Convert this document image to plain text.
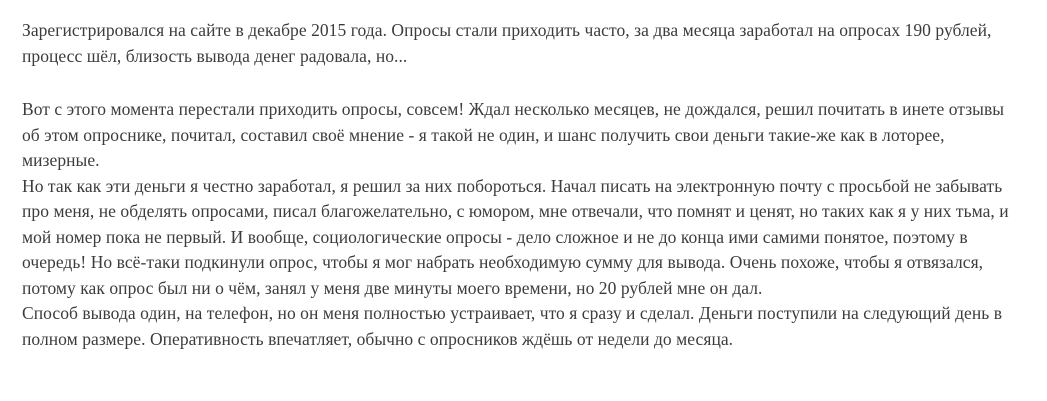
Зарегистрировался на сайте в декабре 2015 года. Опросы стали приходить часто, за два месяца заработал на опросах 190 рублей, процесс шёл, близость вывода денег радовала, но...

Вот с этого момента перестали приходить опросы, совсем! Ждал несколько месяцев, не дождался, решил почитать в инете отзывы об этом опроснике, почитал, составил своё мнение - я такой не один, и шанс получить свои деньги такие-же как в лоторее, мизерные.

Но так как эти деньги я честно заработал, я решил за них побороться. Начал писать на электронную почту с просьбой не забывать про меня, не обделять опросами, писал благожелательно, с юмором, мне отвечали, что помнят и ценят, но таких как я у них тьма, и мой номер пока не первый. И вообще, социологические опросы - дело сложное и не до конца ими самими понятое, поэтому в очередь! Но всё-таки подкинули опрос, чтобы я мог набрать необходимую сумму для вывода. Очень похоже, чтобы я отвязался, потому как опрос был ни о чём, занял у меня две минуты моего времени, но 20 рублей мне он дал.

Способ вывода один, на телефон, но он меня полностью устраивает, что я сразу и сделал. Деньги поступили на следующий день в полном размере. Оперативность впечатляет, обычно с опросников ждёшь от недели до месяца.
